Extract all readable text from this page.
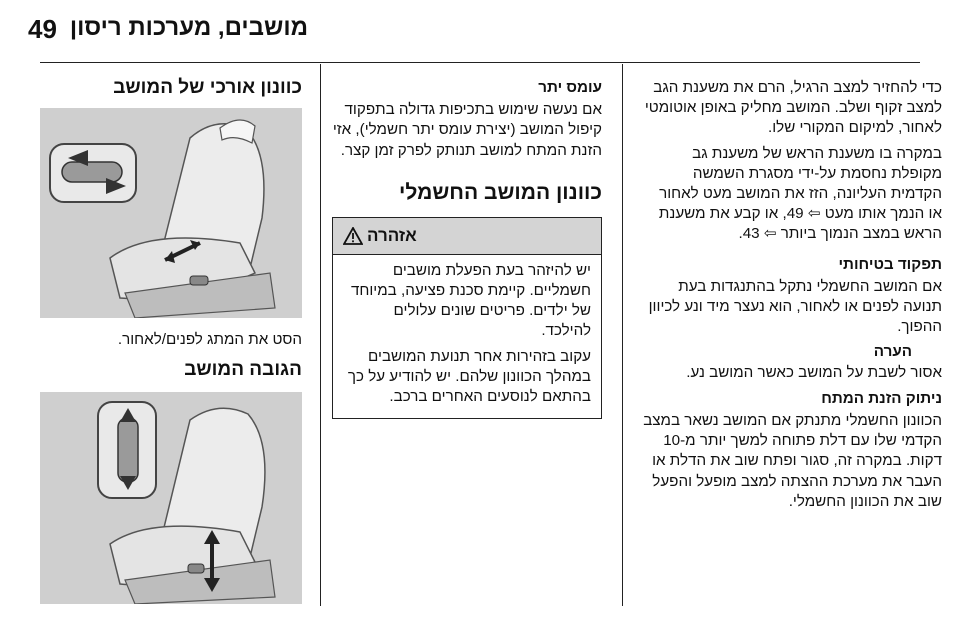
49 מושבים, מערכות ריסון

כדי להחזיר למצב הרגיל, הרם את משענת הגב למצב זקוף ושלב. המושב מחליק באופן אוטומטי לאחור, למיקום המקורי שלו.

במקרה בו משענת הראש של משענת גב מקופלת נחסמת על-ידי מסגרת השמשה הקדמית העליונה, הזז את המושב מעט לאחור או הנמך אותו מעט ⇦ 49, או קבע את משענת הראש במצב הנמוך ביותר ⇦ 43.

תפקוד בטיחותי

אם המושב החשמלי נתקל בהתנגדות בעת תנועה לפנים או לאחור, הוא נעצר מיד ונע לכיוון ההפוך.

הערה

אסור לשבת על המושב כאשר המושב נע.

ניתוק הזנת המתח

הכוונון החשמלי מתנתק אם המושב נשאר במצב הקדמי שלו עם דלת פתוחה למשך יותר מ-10 דקות. במקרה זה, סגור ופתח שוב את הדלת או העבר את מערכת ההצתה למצב מופעל והפעל שוב את הכוונון החשמלי.

עומס יתר

אם נעשה שימוש בתכיפות גדולה בתפקוד קיפול המושב (יצירת עומס יתר חשמלי), אזי הזנת המתח למושב תנותק לפרק זמן קצר.

כוונון המושב החשמלי
אזהרה

יש להיזהר בעת הפעלת מושבים חשמליים. קיימת סכנת פציעה, במיוחד של ילדים. פריטים שונים עלולים להילכד.

עקוב בזהירות אחר תנועת המושבים במהלך הכוונון שלהם. יש להודיע על כך בהתאם לנוסעים האחרים ברכב.

כוונון אורכי של המושב

הסט את המתג לפנים/לאחור.

הגובה המושב
